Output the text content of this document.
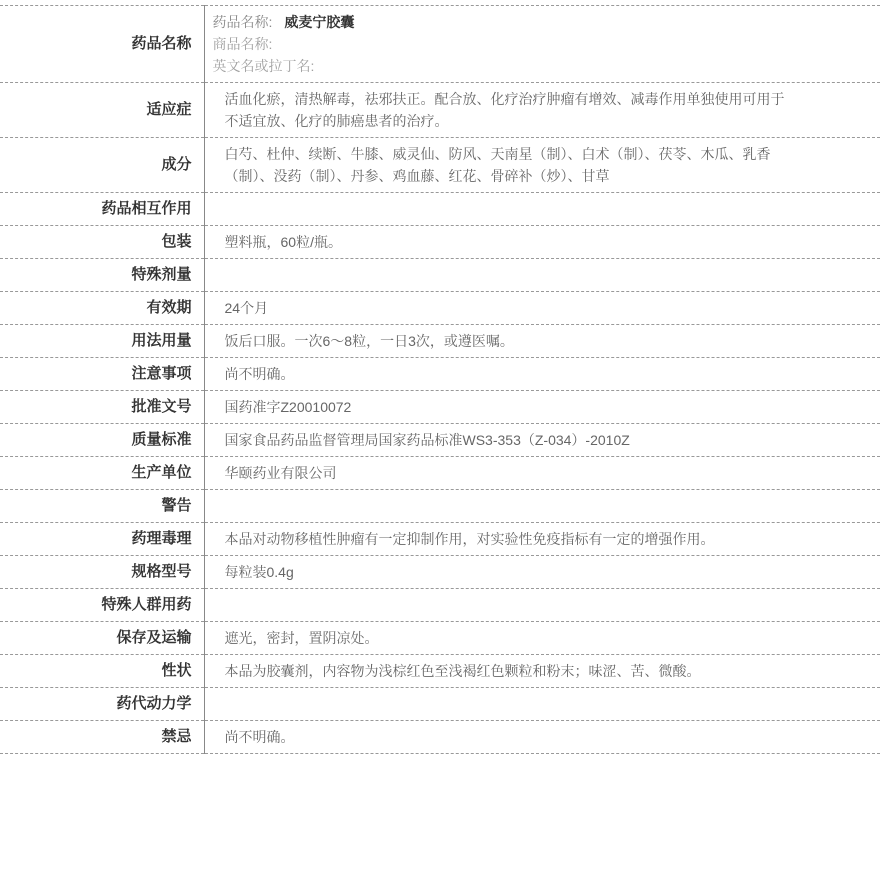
药品名称	药品名称: 威麦宁胶囊
商品名称:
英文名或拉丁名:

适应症	活血化瘀，清热解毒，祛邪扶正。配合放、化疗治疗肿瘤有增效、减毒作用单独使用可用于不适宜放、化疗的肺癌患者的治疗。

成分	白芍、杜仲、续断、牛膝、威灵仙、防风、天南星（制）、白术（制）、茯苓、木瓜、乳香（制）、没药（制）、丹参、鸡血藤、红花、骨碎补（炒）、甘草

药品相互作用	

包装	塑料瓶，60粒/瓶。

特殊剂量	

有效期	24个月

用法用量	饭后口服。一次6～8粒，一日3次，或遵医嘱。

注意事项	尚不明确。

批准文号	国药准字Z20010072

质量标准	国家食品药品监督管理局国家药品标准WS3-353（Z-034）-2010Z

生产单位	华颐药业有限公司

警告	

药理毒理	本品对动物移植性肿瘤有一定抑制作用，对实验性免疫指标有一定的增强作用。

规格型号	每粒装0.4g

特殊人群用药	

保存及运输	遮光，密封，置阴凉处。

性状	本品为胶囊剂，内容物为浅棕红色至浅褐红色颗粒和粉末；味涩、苦、微酸。

药代动力学	

禁忌	尚不明确。
